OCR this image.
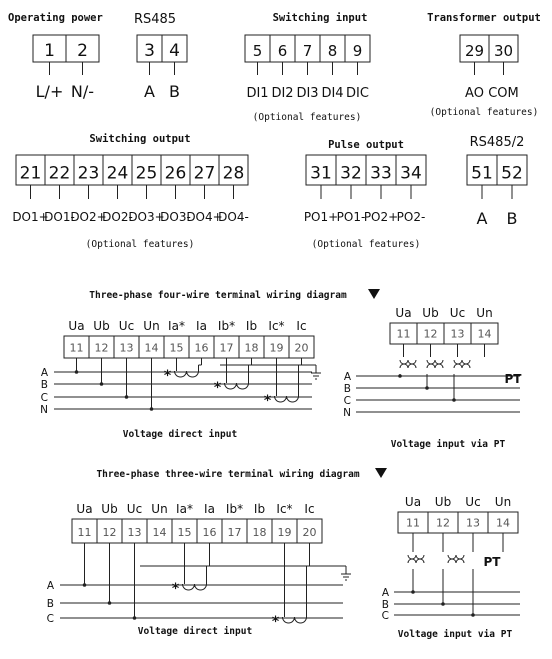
Operating power
1
L/+
2
N/-
RS485
3
A
4
B
Switching input
5
DI1
6
DI2
7
DI3
8
DI4
9
DIC
(Optional features)
Transformer output
29
AO
30
COM
(Optional features)
Switching output
21
DO1+
22
DO1-
23
DO2+
24
DO2-
25
DO3+
26
DO3-
27
DO4+
28
DO4-
(Optional features)
Pulse output
31
PO1+
32
PO1-
33
PO2+
34
PO2-
(Optional features)
RS485/2
51
A
52
B
Three-phase four-wire terminal wiring diagram
11
Ua
12
Ub
13
Uc
14
Un
15
Ia*
16
Ia
17
Ib*
18
Ib
19
Ic*
20
Ic
A
B
C
N
*
*
*
Voltage direct input
11
Ua
12
Ub
13
Uc
14
Un
PT
A
B
C
N
Voltage input via PT
Three-phase three-wire terminal wiring diagram
11
Ua
12
Ub
13
Uc
14
Un
15
Ia*
16
Ia
17
Ib*
18
Ib
19
Ic*
20
Ic
A
B
C
*
*
Voltage direct input
11
Ua
12
Ub
13
Uc
14
Un
PT
A
B
C
Voltage input via PT
